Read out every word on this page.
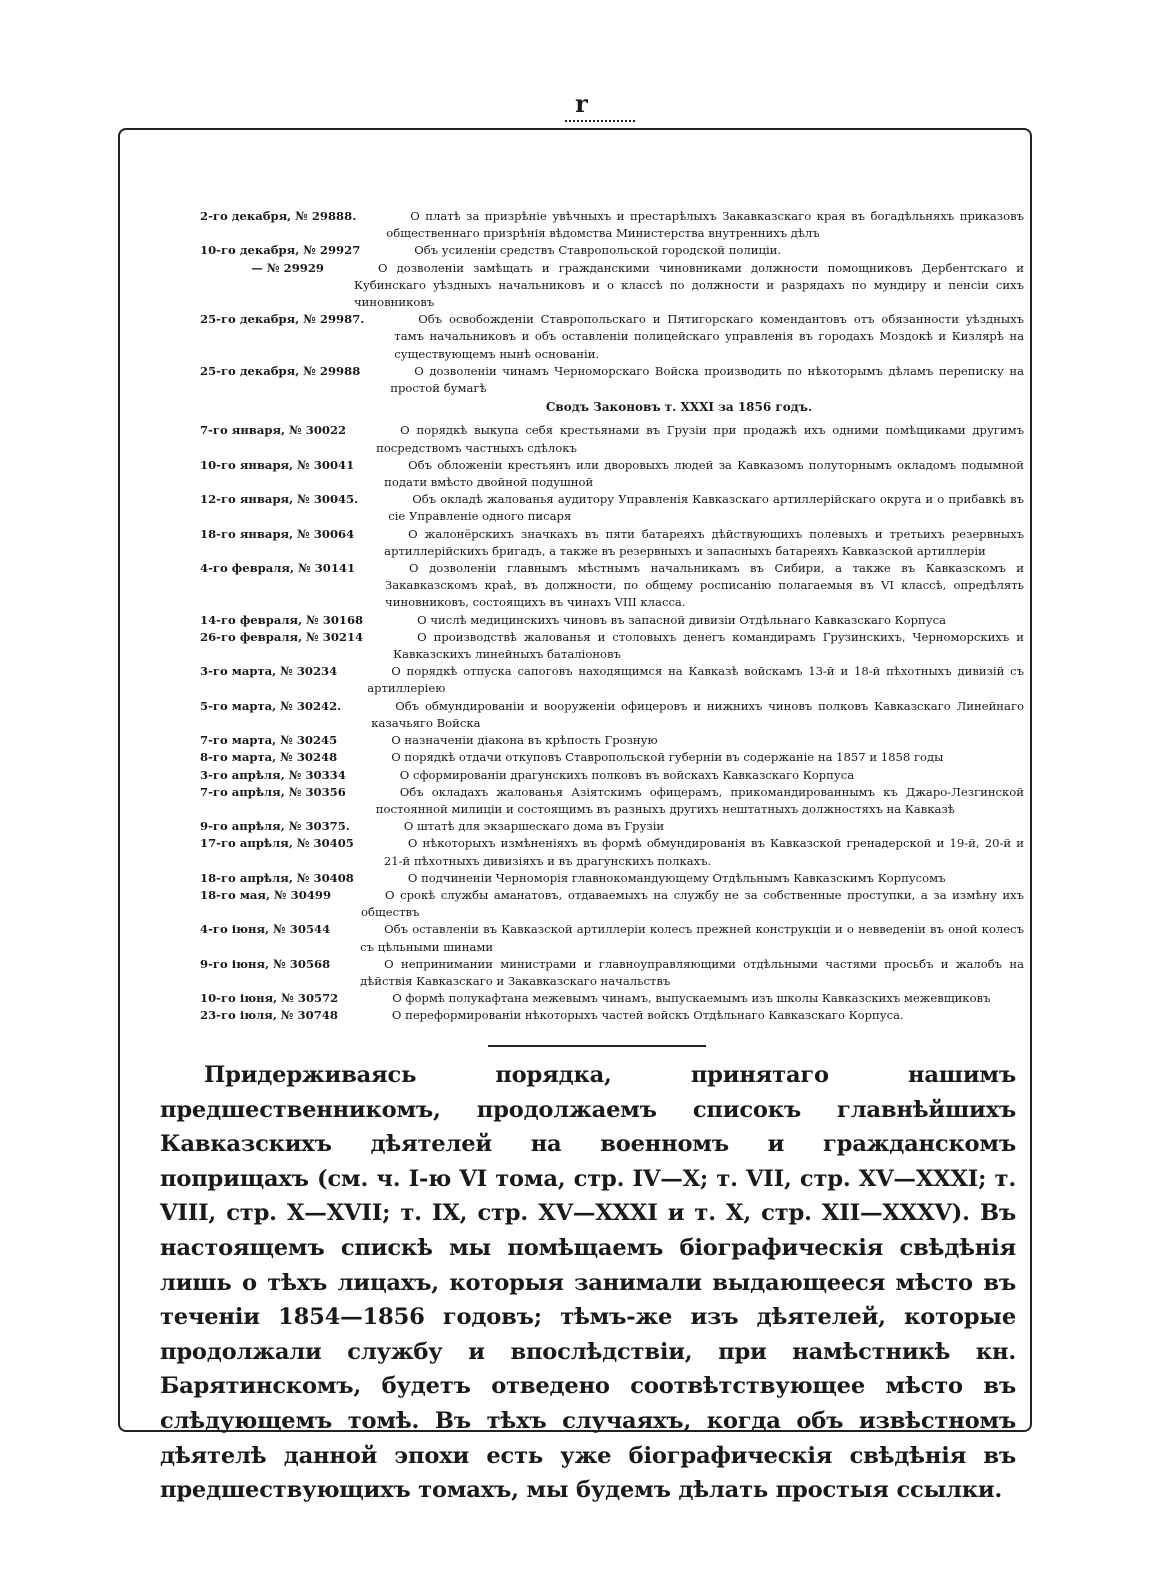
r
2-го декабря, № 29888.	О платѣ за призрѣніе увѣчныхъ и престарѣлыхъ Закавказскаго края въ богадѣльняхъ приказовъ общественнаго призрѣнія вѣдомства Министерства внутреннихъ дѣлъ
10-го декабря, № 29927	Объ усиленіи средствъ Ставропольской городской полиціи.
— № 29929	О дозволеніи замѣщать и гражданскими чиновниками должности помощниковъ Дербентскаго и Кубинскаго уѣздныхъ начальниковъ и о классѣ по должности и разрядахъ по мундиру и пенсіи сихъ чиновниковъ
25-го декабря, № 29987.	Объ освобожденіи Ставропольскаго и Пятигорскаго комендантовъ отъ обязанности уѣздныхъ тамъ начальниковъ и объ оставленіи полицейскаго управленія въ городахъ Моздокѣ и Кизлярѣ на существующемъ нынѣ основаніи.
25-го декабря, № 29988	О дозволеніи чинамъ Черноморскаго Войска производить по нѣкоторымъ дѣламъ переписку на простой бумагѣ
Сводъ Законовъ т. XXXI за 1856 годъ.
7-го января, № 30022	О порядкѣ выкупа себя крестьянами въ Грузіи при продажѣ ихъ одними помѣщиками другимъ посредствомъ частныхъ сдѣлокъ
10-го января, № 30041	Объ обложеніи крестьянъ или дворовыхъ людей за Кавказомъ полуторнымъ окладомъ подымной подати вмѣсто двойной подушной
12-го января, № 30045.	Объ окладѣ жалованья аудитору Управленія Кавказскаго артиллерійскаго округа и о прибавкѣ въ сіе Управленіе одного писаря
18-го января, № 30064	О жалонёрскихъ значкахъ въ пяти батареяхъ дѣйствующихъ полевыхъ и третьихъ резервныхъ артиллерійскихъ бригадъ, а также въ резервныхъ и запасныхъ батареяхъ Кавказской артиллеріи
4-го февраля, № 30141	О дозволеніи главнымъ мѣстнымъ начальникамъ въ Сибири, а также въ Кавказскомъ и Закавказскомъ краѣ, въ должности, по общему росписанію полагаемыя въ VI классѣ, опредѣлять чиновниковъ, состоящихъ въ чинахъ VIII класса.
14-го февраля, № 30168	О числѣ медицинскихъ чиновъ въ запасной дивизіи Отдѣльнаго Кавказскаго Корпуса
26-го февраля, № 30214	О производствѣ жалованья и столовыхъ денегъ командирамъ Грузинскихъ, Черноморскихъ и Кавказскихъ линейныхъ баталіоновъ
3-го марта, № 30234	О порядкѣ отпуска сапоговъ находящимся на Кавказѣ войскамъ 13-й и 18-й пѣхотныхъ дивизій съ артиллеріею
5-го марта, № 30242.	Объ обмундированіи и вооруженіи офицеровъ и нижнихъ чиновъ полковъ Кавказскаго Линейнаго казачьяго Войска
7-го марта, № 30245	О назначеніи діакона въ крѣпость Грозную
8-го марта, № 30248	О порядкѣ отдачи откуповъ Ставропольской губерніи въ содержаніе на 1857 и 1858 годы
3-го апрѣля, № 30334	О сформированіи драгунскихъ полковъ въ войскахъ Кавказскаго Корпуса
7-го апрѣля, № 30356	Объ окладахъ жалованья Азіятскимъ офицерамъ, прикомандированнымъ къ Джаро-Лезгинской постоянной милиціи и состоящимъ въ разныхъ другихъ нештатныхъ должностяхъ на Кавказѣ
9-го апрѣля, № 30375.	О штатѣ для экзаршескаго дома въ Грузіи
17-го апрѣля, № 30405	О нѣкоторыхъ измѣненіяхъ въ формѣ обмундированія въ Кавказской гренадерской и 19-й, 20-й и 21-й пѣхотныхъ дивизіяхъ и въ драгунскихъ полкахъ.
18-го апрѣля, № 30408	О подчиненіи Черноморія главнокомандующему Отдѣльнымъ Кавказскимъ Корпусомъ
18-го мая, № 30499	О срокѣ службы аманатовъ, отдаваемыхъ на службу не за собственные проступки, а за измѣну ихъ обществъ
4-го іюня, № 30544	Объ оставленіи въ Кавказской артиллеріи колесъ прежней конструкціи и о неввeденіи въ оной колесъ съ цѣльными шинами
9-го іюня, № 30568	О непринимании министрами и главноуправляющими отдѣльными частями просьбъ и жалобъ на дѣйствія Кавказскаго и Закавказскаго начальствъ
10-го іюня, № 30572	О формѣ полукафтана межевымъ чинамъ, выпускаемымъ изъ школы Кавказскихъ межевщиковъ
23-го іюля, № 30748	О переформированіи нѣкоторыхъ частей войскъ Отдѣльнаго Кавказскаго Корпуса.
Придерживаясь порядка, принятаго нашимъ предшественникомъ, продолжаемъ списокъ главнѣйшихъ Кавказскихъ дѣятелей на военномъ и гражданскомъ поприщахъ (см. ч. I-ю VI тома, стр. IV—X; т. VII, стр. XV—XXXI; т. VIII, стр. X—XVII; т. IX, стр. XV—XXXI и т. X, стр. XII—XXXV). Въ настоящемъ спискѣ мы помѣщаемъ біографическія свѣдѣнія лишь о тѣхъ лицахъ, которыя занимали выдающееся мѣсто въ теченіи 1854—1856 годовъ; тѣмъ-же изъ дѣятелей, которые продолжали службу и впослѣдствіи, при намѣстникѣ кн. Барятинскомъ, будетъ отведено соотвѣтствующее мѣсто въ слѣдующемъ томѣ. Въ тѣхъ случаяхъ, когда объ извѣстномъ дѣятелѣ данной эпохи есть уже біографическія свѣдѣнія въ предшествующихъ томахъ, мы будемъ дѣлать простыя ссылки.
